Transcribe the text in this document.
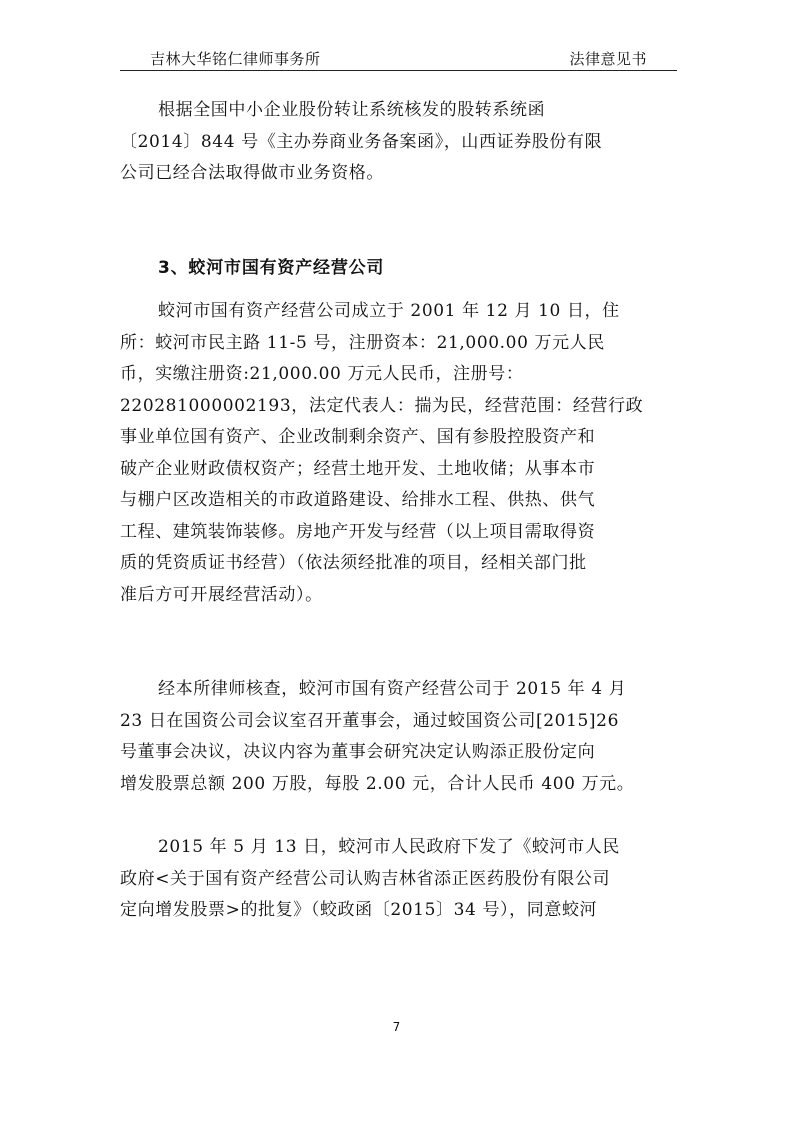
吉林大华铭仁律师事务所	法律意见书

根据全国中小企业股份转让系统核发的股转系统函
〔2014〕844 号《主办券商业务备案函》，山西证券股份有限
公司已经合法取得做市业务资格。

3、蛟河市国有资产经营公司

蛟河市国有资产经营公司成立于 2001 年 12 月 10 日，住
所：蛟河市民主路 11-5 号，注册资本：21,000.00 万元人民
币，实缴注册资:21,000.00 万元人民币，注册号：
220281000002193，法定代表人：揣为民，经营范围：经营行政
事业单位国有资产、企业改制剩余资产、国有参股控股资产和
破产企业财政债权资产；经营土地开发、土地收储；从事本市
与棚户区改造相关的市政道路建设、给排水工程、供热、供气
工程、建筑装饰装修。房地产开发与经营（以上项目需取得资
质的凭资质证书经营）（依法须经批准的项目，经相关部门批
准后方可开展经营活动）。

经本所律师核查，蛟河市国有资产经营公司于 2015 年 4 月
23 日在国资公司会议室召开董事会，通过蛟国资公司[2015]26
号董事会决议，决议内容为董事会研究决定认购添正股份定向
增发股票总额 200 万股，每股 2.00 元，合计人民币 400 万元。

2015 年 5 月 13 日，蛟河市人民政府下发了《蛟河市人民
政府<关于国有资产经营公司认购吉林省添正医药股份有限公司
定向增发股票>的批复》（蛟政函〔2015〕34 号），同意蛟河

7
